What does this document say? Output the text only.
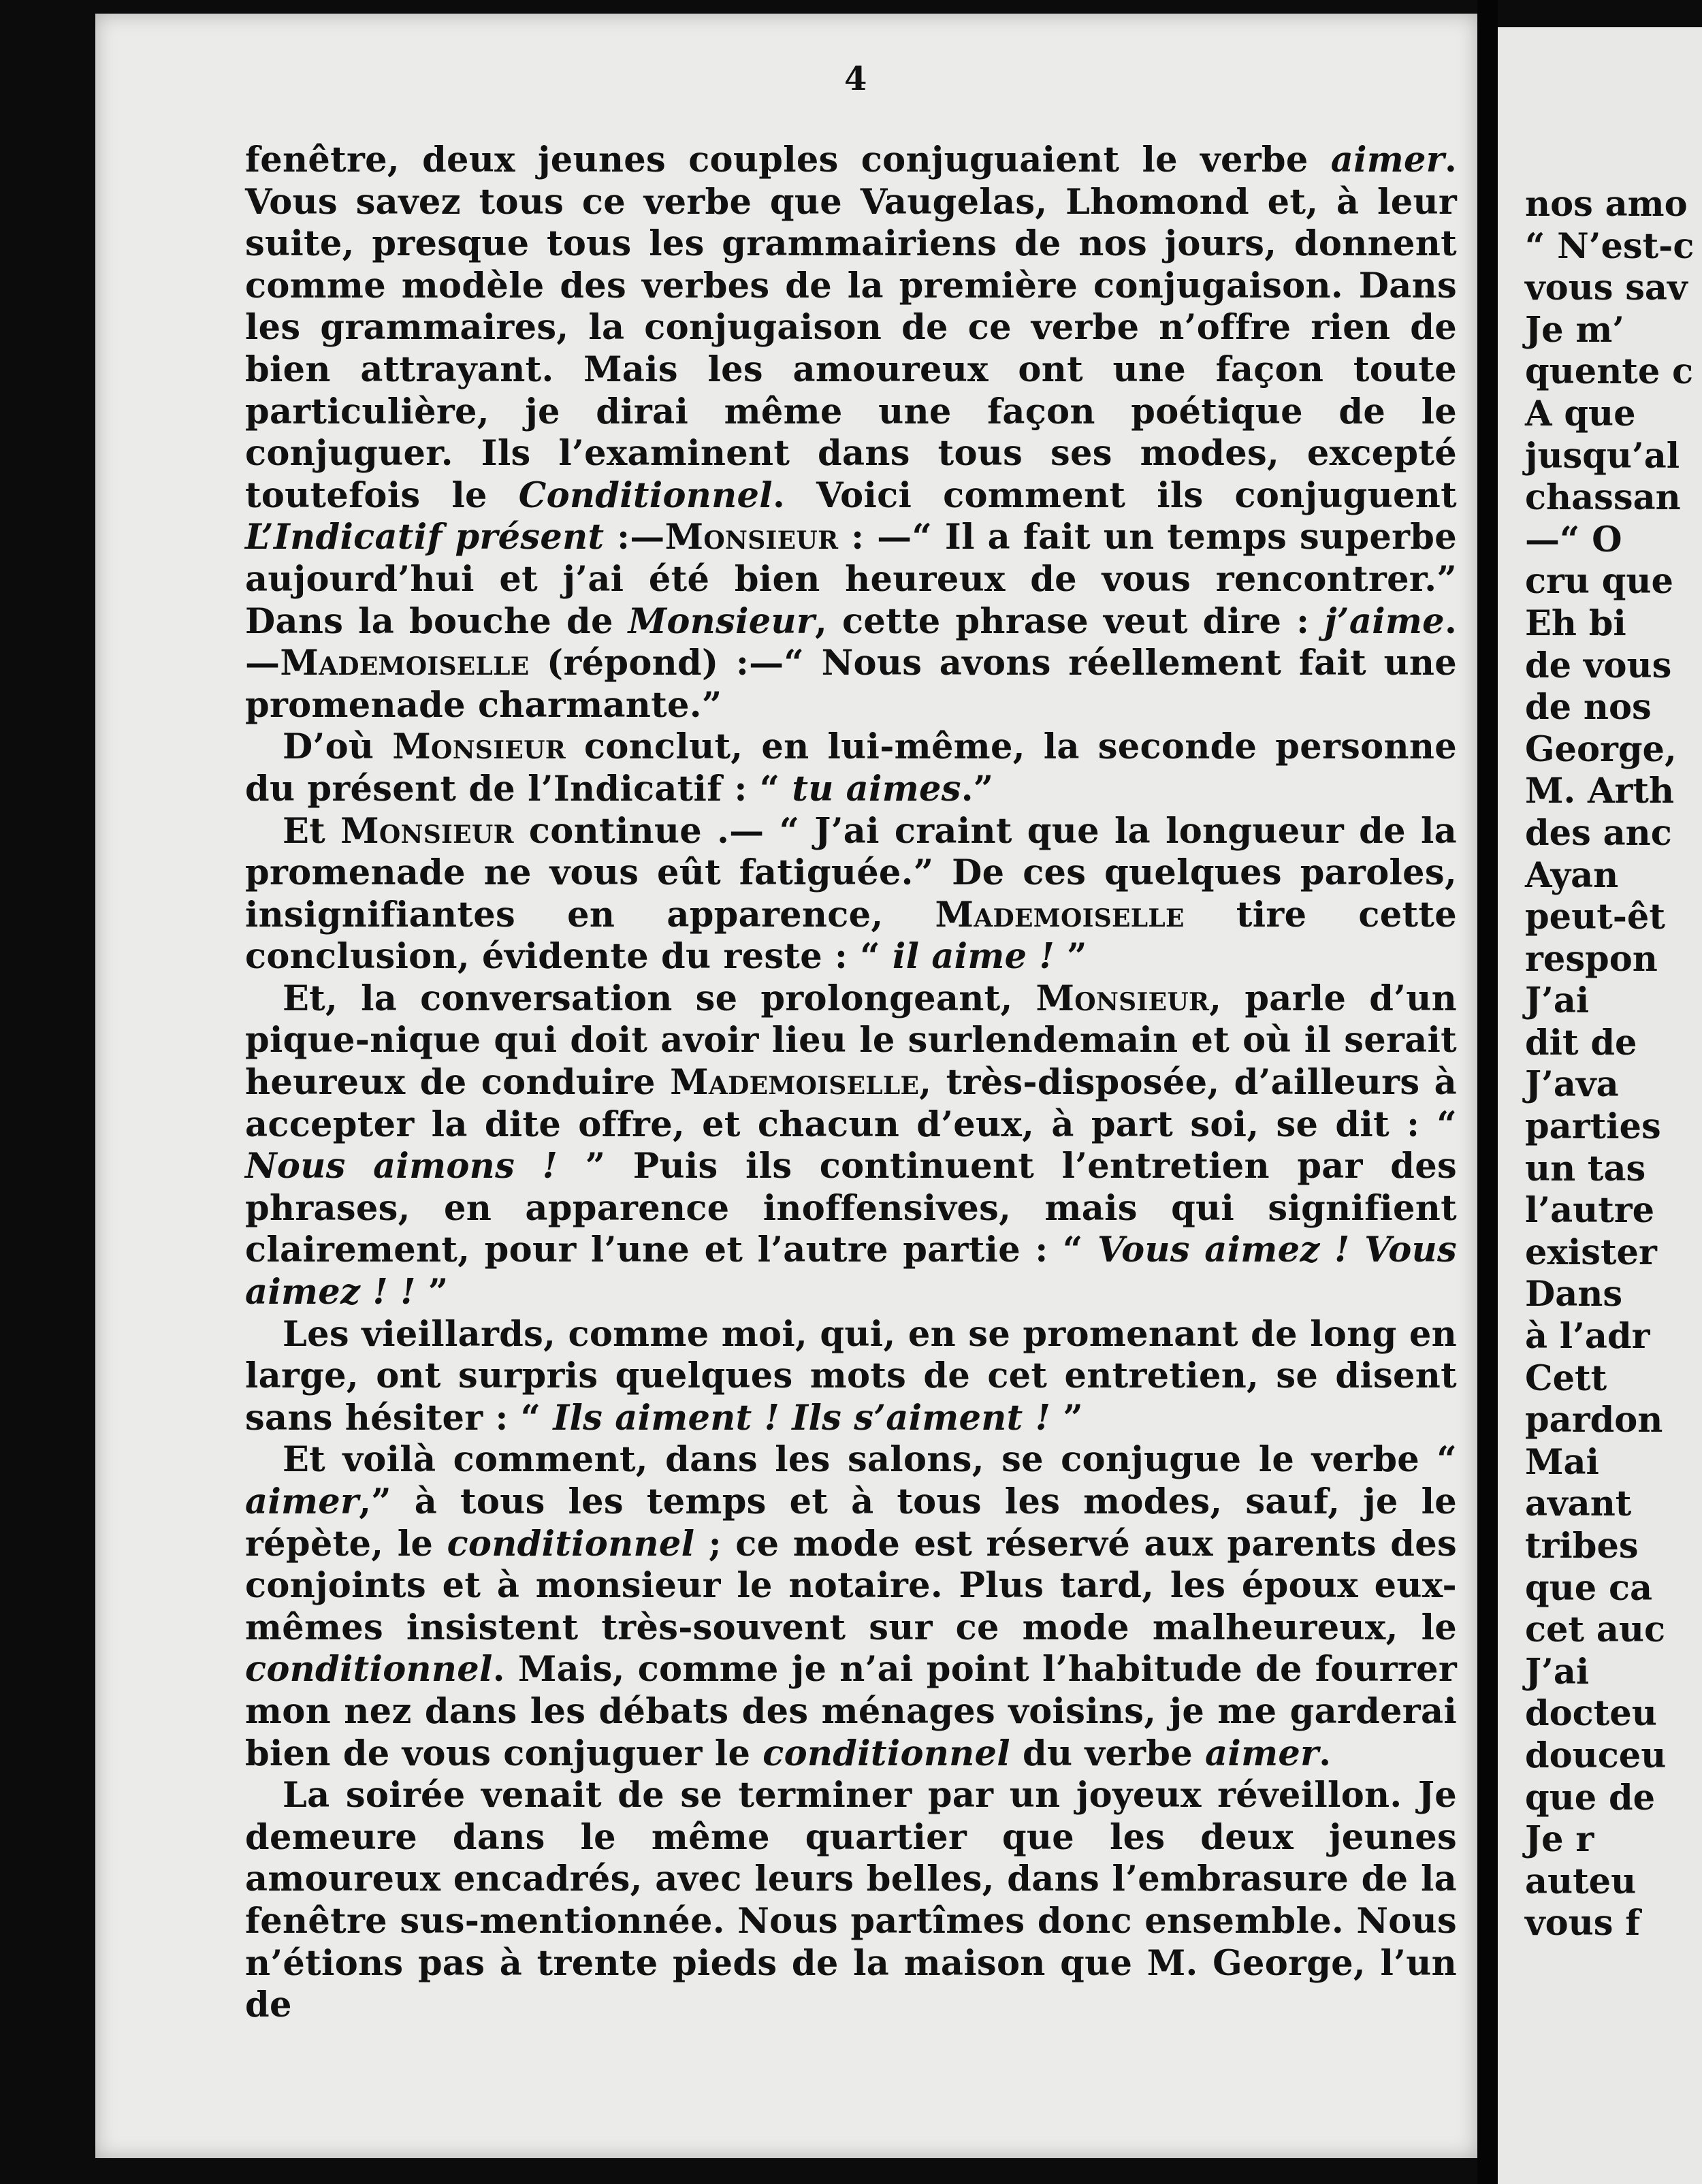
4

fenêtre, deux jeunes couples conjuguaient le verbe aimer. Vous savez tous ce verbe que Vaugelas, Lhomond et, à leur suite, presque tous les grammairiens de nos jours, donnent comme modèle des verbes de la première conjugaison. Dans les grammaires, la conjugaison de ce verbe n’offre rien de bien attrayant. Mais les amoureux ont une façon toute particulière, je dirai même une façon poétique de le conjuguer. Ils l’examinent dans tous ses modes, excepté toutefois le Conditionnel. Voici comment ils conjuguent L’Indicatif présent :—Monsieur : —“ Il a fait un temps superbe aujourd’hui et j’ai été bien heureux de vous rencontrer.” Dans la bouche de Monsieur, cette phrase veut dire : j’aime.—Mademoiselle (répond) :—“ Nous avons réellement fait une promenade charmante.”

D’où Monsieur conclut, en lui-même, la seconde personne du présent de l’Indicatif : “ tu aimes.”

Et Monsieur continue .— “ J’ai craint que la longueur de la promenade ne vous eût fatiguée.” De ces quelques paroles, insignifiantes en apparence, Mademoiselle tire cette conclusion, évidente du reste : “ il aime ! ”

Et, la conversation se prolongeant, Monsieur, parle d’un pique-nique qui doit avoir lieu le surlendemain et où il serait heureux de conduire Mademoiselle, très-disposée, d’ailleurs à accepter la dite offre, et chacun d’eux, à part soi, se dit : “ Nous aimons ! ” Puis ils continuent l’entretien par des phrases, en apparence inoffensives, mais qui signifient clairement, pour l’une et l’autre partie : “ Vous aimez ! Vous aimez ! ! ”

Les vieillards, comme moi, qui, en se promenant de long en large, ont surpris quelques mots de cet entretien, se disent sans hésiter : “ Ils aiment ! Ils s’aiment ! ”

Et voilà comment, dans les salons, se conjugue le verbe “ aimer,” à tous les temps et à tous les modes, sauf, je le répète, le conditionnel ; ce mode est réservé aux parents des conjoints et à monsieur le notaire. Plus tard, les époux eux-mêmes insistent très-souvent sur ce mode malheureux, le conditionnel. Mais, comme je n’ai point l’habitude de fourrer mon nez dans les débats des ménages voisins, je me garderai bien de vous conjuguer le conditionnel du verbe aimer.

La soirée venait de se terminer par un joyeux réveillon. Je demeure dans le même quartier que les deux jeunes amoureux encadrés, avec leurs belles, dans l’embrasure de la fenêtre sus-mentionnée. Nous partîmes donc ensemble. Nous n’étions pas à trente pieds de la maison que M. George, l’un de

nos amo
“ N’est-c
vous sav
Je m’
quente c
A que
jusqu’al
chassan
—“ O
cru que
Eh bi
de vous
de nos
George,
M. Arth
des anc
Ayan
peut-êt
respon
J’ai
dit de
J’ava
parties
un tas
l’autre
exister
Dans
à l’adr
Cett
pardon
Mai
avant
tribes
que ca
cet auc
J’ai
docteu
douceu
que de
Je r
auteu
vous f
